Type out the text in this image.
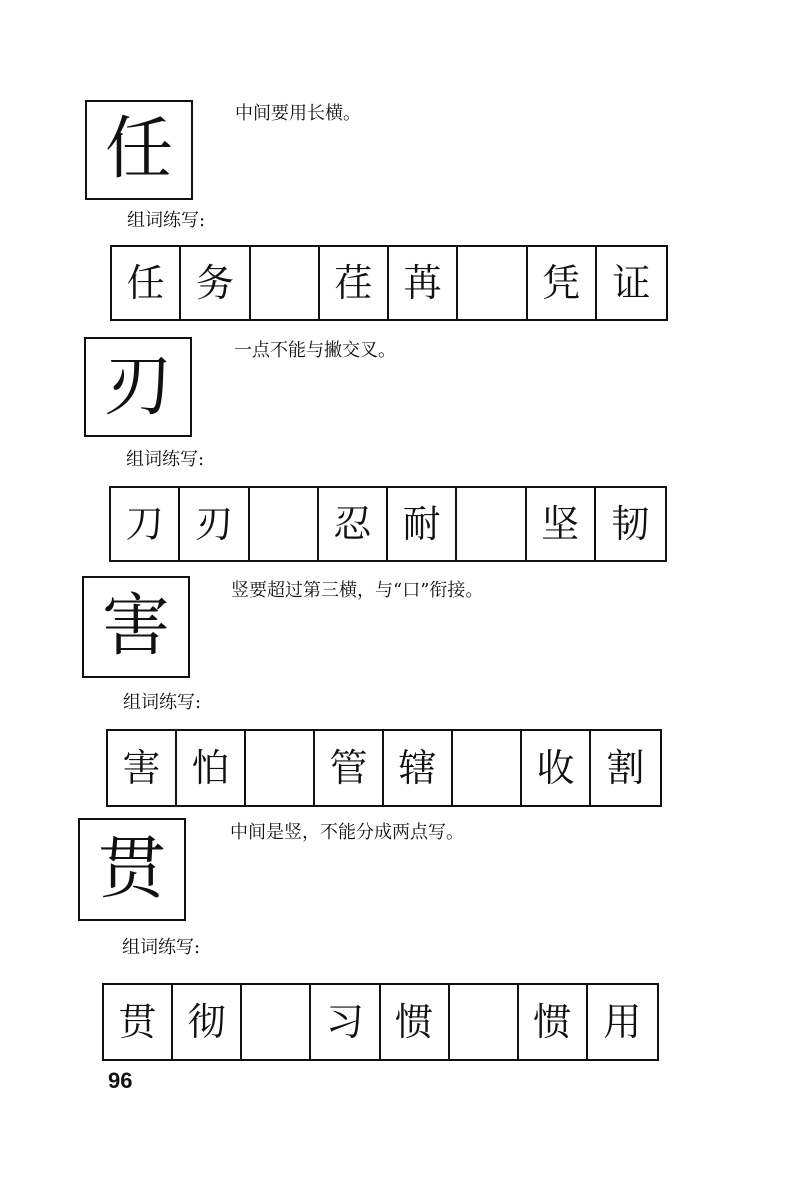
任	中间要用长横。
组词练写:
任 务	荏 苒	凭 证
刃	一点不能与撇交叉。
组词练写:
刀 刃	忍 耐	坚 韧
害	竖要超过第三横，与“口”衔接。
组词练写:
害 怕	管 辖	收 割
贯	中间是竖，不能分成两点写。
组词练写:
贯 彻	习 惯	惯 用
96
